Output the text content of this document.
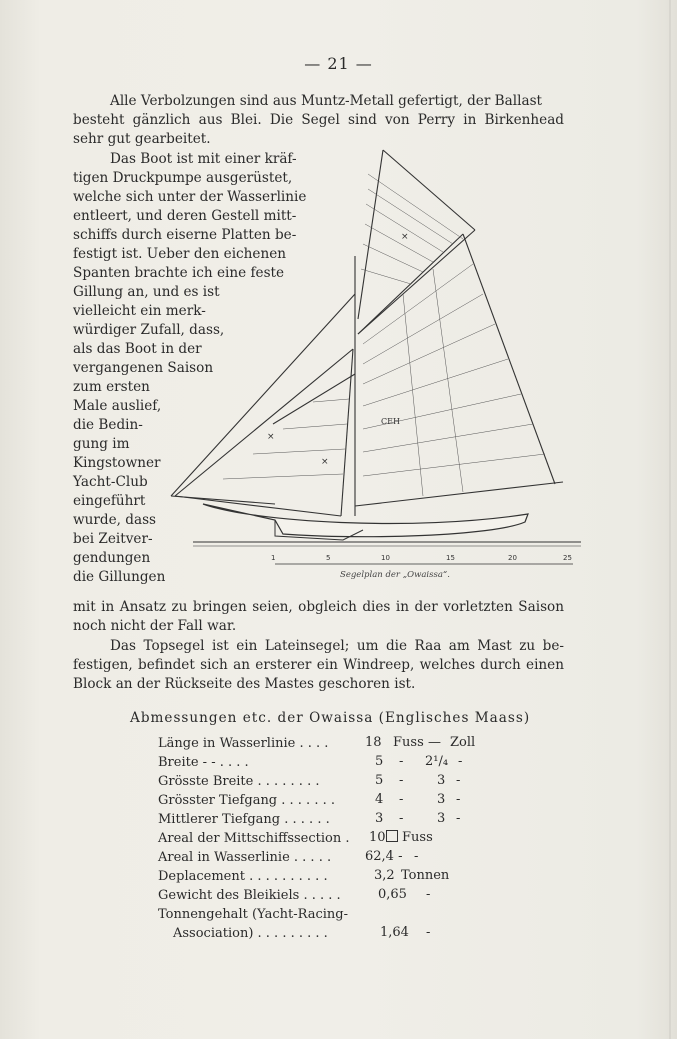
— 21 —
Alle Verbolzungen sind aus Muntz-Metall gefertigt, der Ballast
besteht gänzlich aus Blei. Die Segel sind von Perry in Birkenhead
sehr gut gearbeitet.
Das Boot ist mit einer kräf-
tigen Druckpumpe ausgerüstet,
welche sich unter der Wasserlinie
entleert, und deren Gestell mitt-
schiffs durch eiserne Platten be-
festigt ist. Ueber den eichenen
Spanten brachte ich eine feste
Gillung an, und es ist
vielleicht ein merk-
würdiger Zufall, dass,
als das Boot in der
vergangenen Saison
zum ersten
Male auslief,
die Bedin-
gung im
Kingstowner
Yacht-Club
eingeführt
wurde, dass
bei Zeitver-
gendungen
die Gillungen
CEH
×
×
×
1	5	10	15	20	25
Segelplan der „Owaissa“.
mit in Ansatz zu bringen seien, obgleich dies in der vorletzten Saison
noch nicht der Fall war.
Das Topsegel ist ein Lateinsegel; um die Raa am Mast zu be-
festigen, befindet sich an ersterer ein Windreep, welches durch einen
Block an der Rückseite des Mastes geschoren ist.
Abmessungen etc. der Owaissa (Englisches Maass)
Länge in Wasserlinie . . . .	18 Fuss — Zoll
Breite - - . . . .	5 - 2¹/₄ -
Grösste Breite . . . . . . . .	5 -	3 -
Grösster Tiefgang . . . . . . .	4 -	3 -
Mittlerer Tiefgang . . . . . .	3 -	3 -
Areal der Mittschiffssection . 10 Fuss
Areal in Wasserlinie . . . . .	62,4 - -
Deplacement . . . . . . . . . .	3,2 Tonnen
Gewicht des Bleikiels . . . . .	0,65 -
Tonnengehalt (Yacht-Racing-
Association) . . . . . . . . .	1,64 -
